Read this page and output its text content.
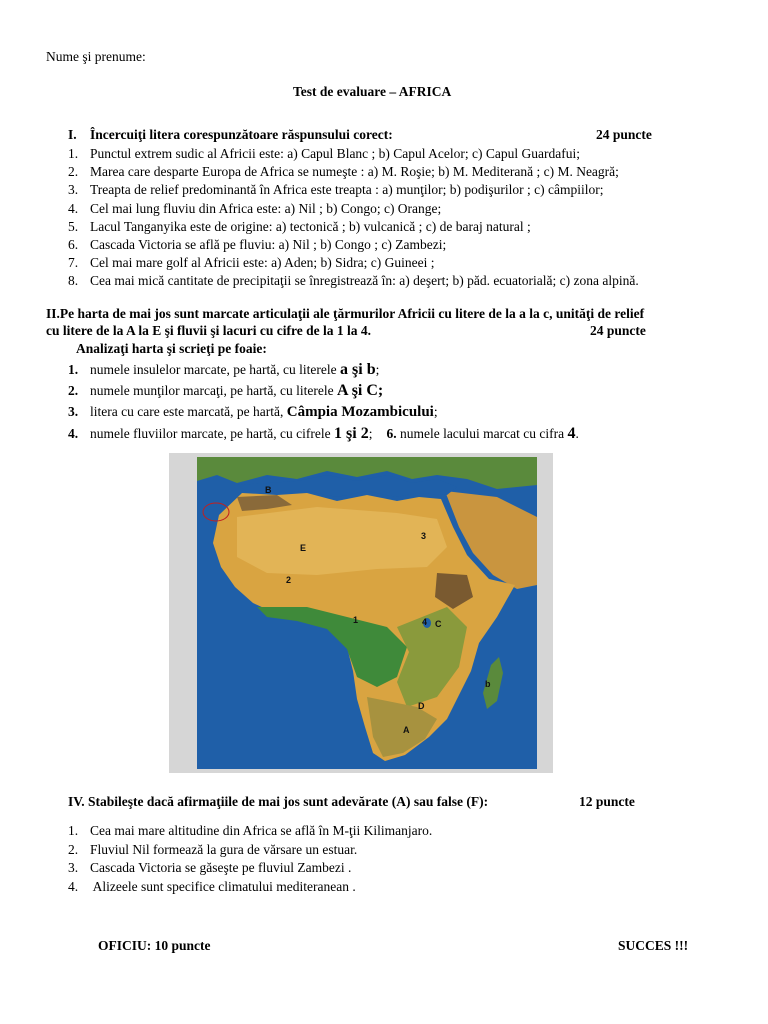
Nume şi prenume:
Test de evaluare – AFRICA
I. Încercuiţi litera corespunzătoare răspunsului corect:	24 puncte
1. Punctul extrem sudic al Africii este: a) Capul Blanc ; b) Capul Acelor; c) Capul Guardafui;
2. Marea care desparte Europa de Africa se numeşte : a) M. Roşie; b) M. Mediterană ; c) M. Neagră;
3. Treapta de relief predominantă în Africa este treapta : a) munţilor; b) podişurilor ; c) câmpiilor;
4. Cel mai lung fluviu din Africa este: a) Nil ; b) Congo; c) Orange;
5. Lacul Tanganyika este de origine: a) tectonică ; b) vulcanică ; c) de baraj natural ;
6. Cascada Victoria se află pe fluviu: a) Nil ; b) Congo ; c) Zambezi;
7. Cel mai mare golf al Africii este: a) Aden; b) Sidra; c) Guineei ;
8. Cea mai mică cantitate de precipitaţii se înregistrează în: a) deşert; b) păd. ecuatorială; c) zona alpină.
II.Pe harta de mai jos sunt marcate articulaţii ale ţărmurilor Africii cu litere de la a la c, unităţi de relief
cu litere de la A la E şi fluvii şi lacuri cu cifre de la 1 la 4.	24 puncte
Analizaţi harta şi scrieţi pe foaie:
1. numele insulelor marcate, pe hartă, cu literele a şi b;
2. numele munţilor marcaţi, pe hartă, cu literele A şi C;
3. litera cu care este marcată, pe hartă, Câmpia Mozambicului;
4. numele fluviilor marcate, pe hartă, cu cifrele 1 şi 2; 6. numele lacului marcat cu cifra 4.
B
E
3
2
1	4 C
b
D
A
IV. Stabileşte dacă afirmaţiile de mai jos sunt adevărate (A) sau false (F):	12 puncte
1. Cea mai mare altitudine din Africa se află în M-ţii Kilimanjaro.
2. Fluviul Nil formează la gura de vărsare un estuar.
3. Cascada Victoria se găseşte pe fluviul Zambezi .
4. Alizeele sunt specifice climatului mediteranean .
OFICIU: 10 puncte	SUCCES !!!
